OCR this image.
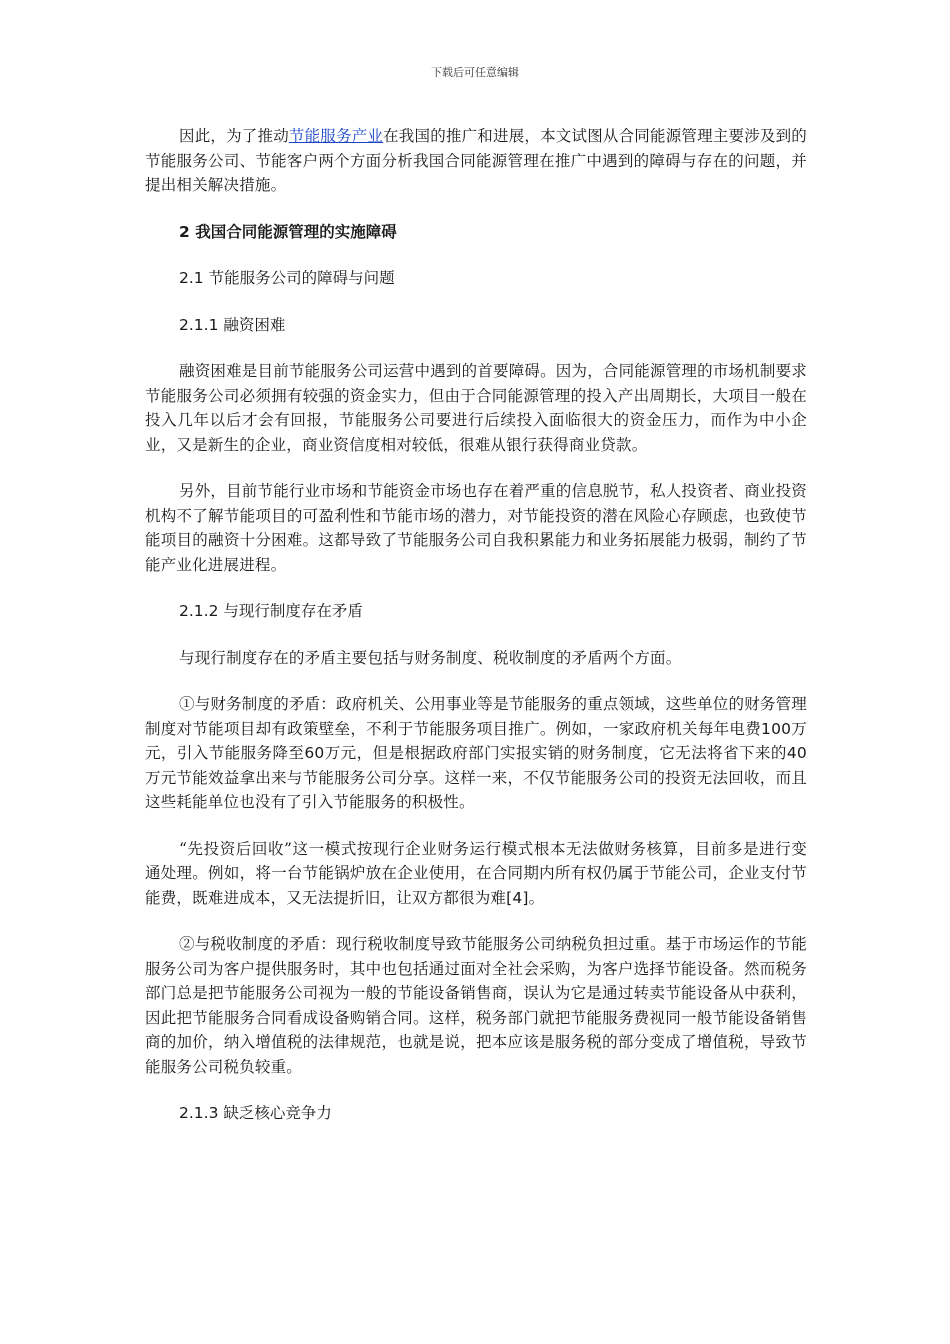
下载后可任意编辑

因此，为了推动节能服务产业在我国的推广和进展，本文试图从合同能源管理主要涉及到的节能服务公司、节能客户两个方面分析我国合同能源管理在推广中遇到的障碍与存在的问题，并提出相关解决措施。

2 我国合同能源管理的实施障碍
2.1 节能服务公司的障碍与问题
2.1.1 融资困难

融资困难是目前节能服务公司运营中遇到的首要障碍。因为，合同能源管理的市场机制要求节能服务公司必须拥有较强的资金实力，但由于合同能源管理的投入产出周期长，大项目一般在投入几年以后才会有回报，节能服务公司要进行后续投入面临很大的资金压力，而作为中小企业，又是新生的企业，商业资信度相对较低，很难从银行获得商业贷款。

另外，目前节能行业市场和节能资金市场也存在着严重的信息脱节，私人投资者、商业投资机构不了解节能项目的可盈利性和节能市场的潜力，对节能投资的潜在风险心存顾虑，也致使节能项目的融资十分困难。这都导致了节能服务公司自我积累能力和业务拓展能力极弱，制约了节能产业化进展进程。

2.1.2 与现行制度存在矛盾

与现行制度存在的矛盾主要包括与财务制度、税收制度的矛盾两个方面。

①与财务制度的矛盾：政府机关、公用事业等是节能服务的重点领域，这些单位的财务管理制度对节能项目却有政策壁垒，不利于节能服务项目推广。例如，一家政府机关每年电费100万元，引入节能服务降至60万元，但是根据政府部门实报实销的财务制度，它无法将省下来的40万元节能效益拿出来与节能服务公司分享。这样一来，不仅节能服务公司的投资无法回收，而且这些耗能单位也没有了引入节能服务的积极性。

“先投资后回收”这一模式按现行企业财务运行模式根本无法做财务核算，目前多是进行变通处理。例如，将一台节能锅炉放在企业使用，在合同期内所有权仍属于节能公司，企业支付节能费，既难进成本，又无法提折旧，让双方都很为难[4]。

②与税收制度的矛盾：现行税收制度导致节能服务公司纳税负担过重。基于市场运作的节能服务公司为客户提供服务时，其中也包括通过面对全社会采购，为客户选择节能设备。然而税务部门总是把节能服务公司视为一般的节能设备销售商，误认为它是通过转卖节能设备从中获利，因此把节能服务合同看成设备购销合同。这样，税务部门就把节能服务费视同一般节能设备销售商的加价，纳入增值税的法律规范，也就是说，把本应该是服务税的部分变成了增值税，导致节能服务公司税负较重。

2.1.3 缺乏核心竞争力
